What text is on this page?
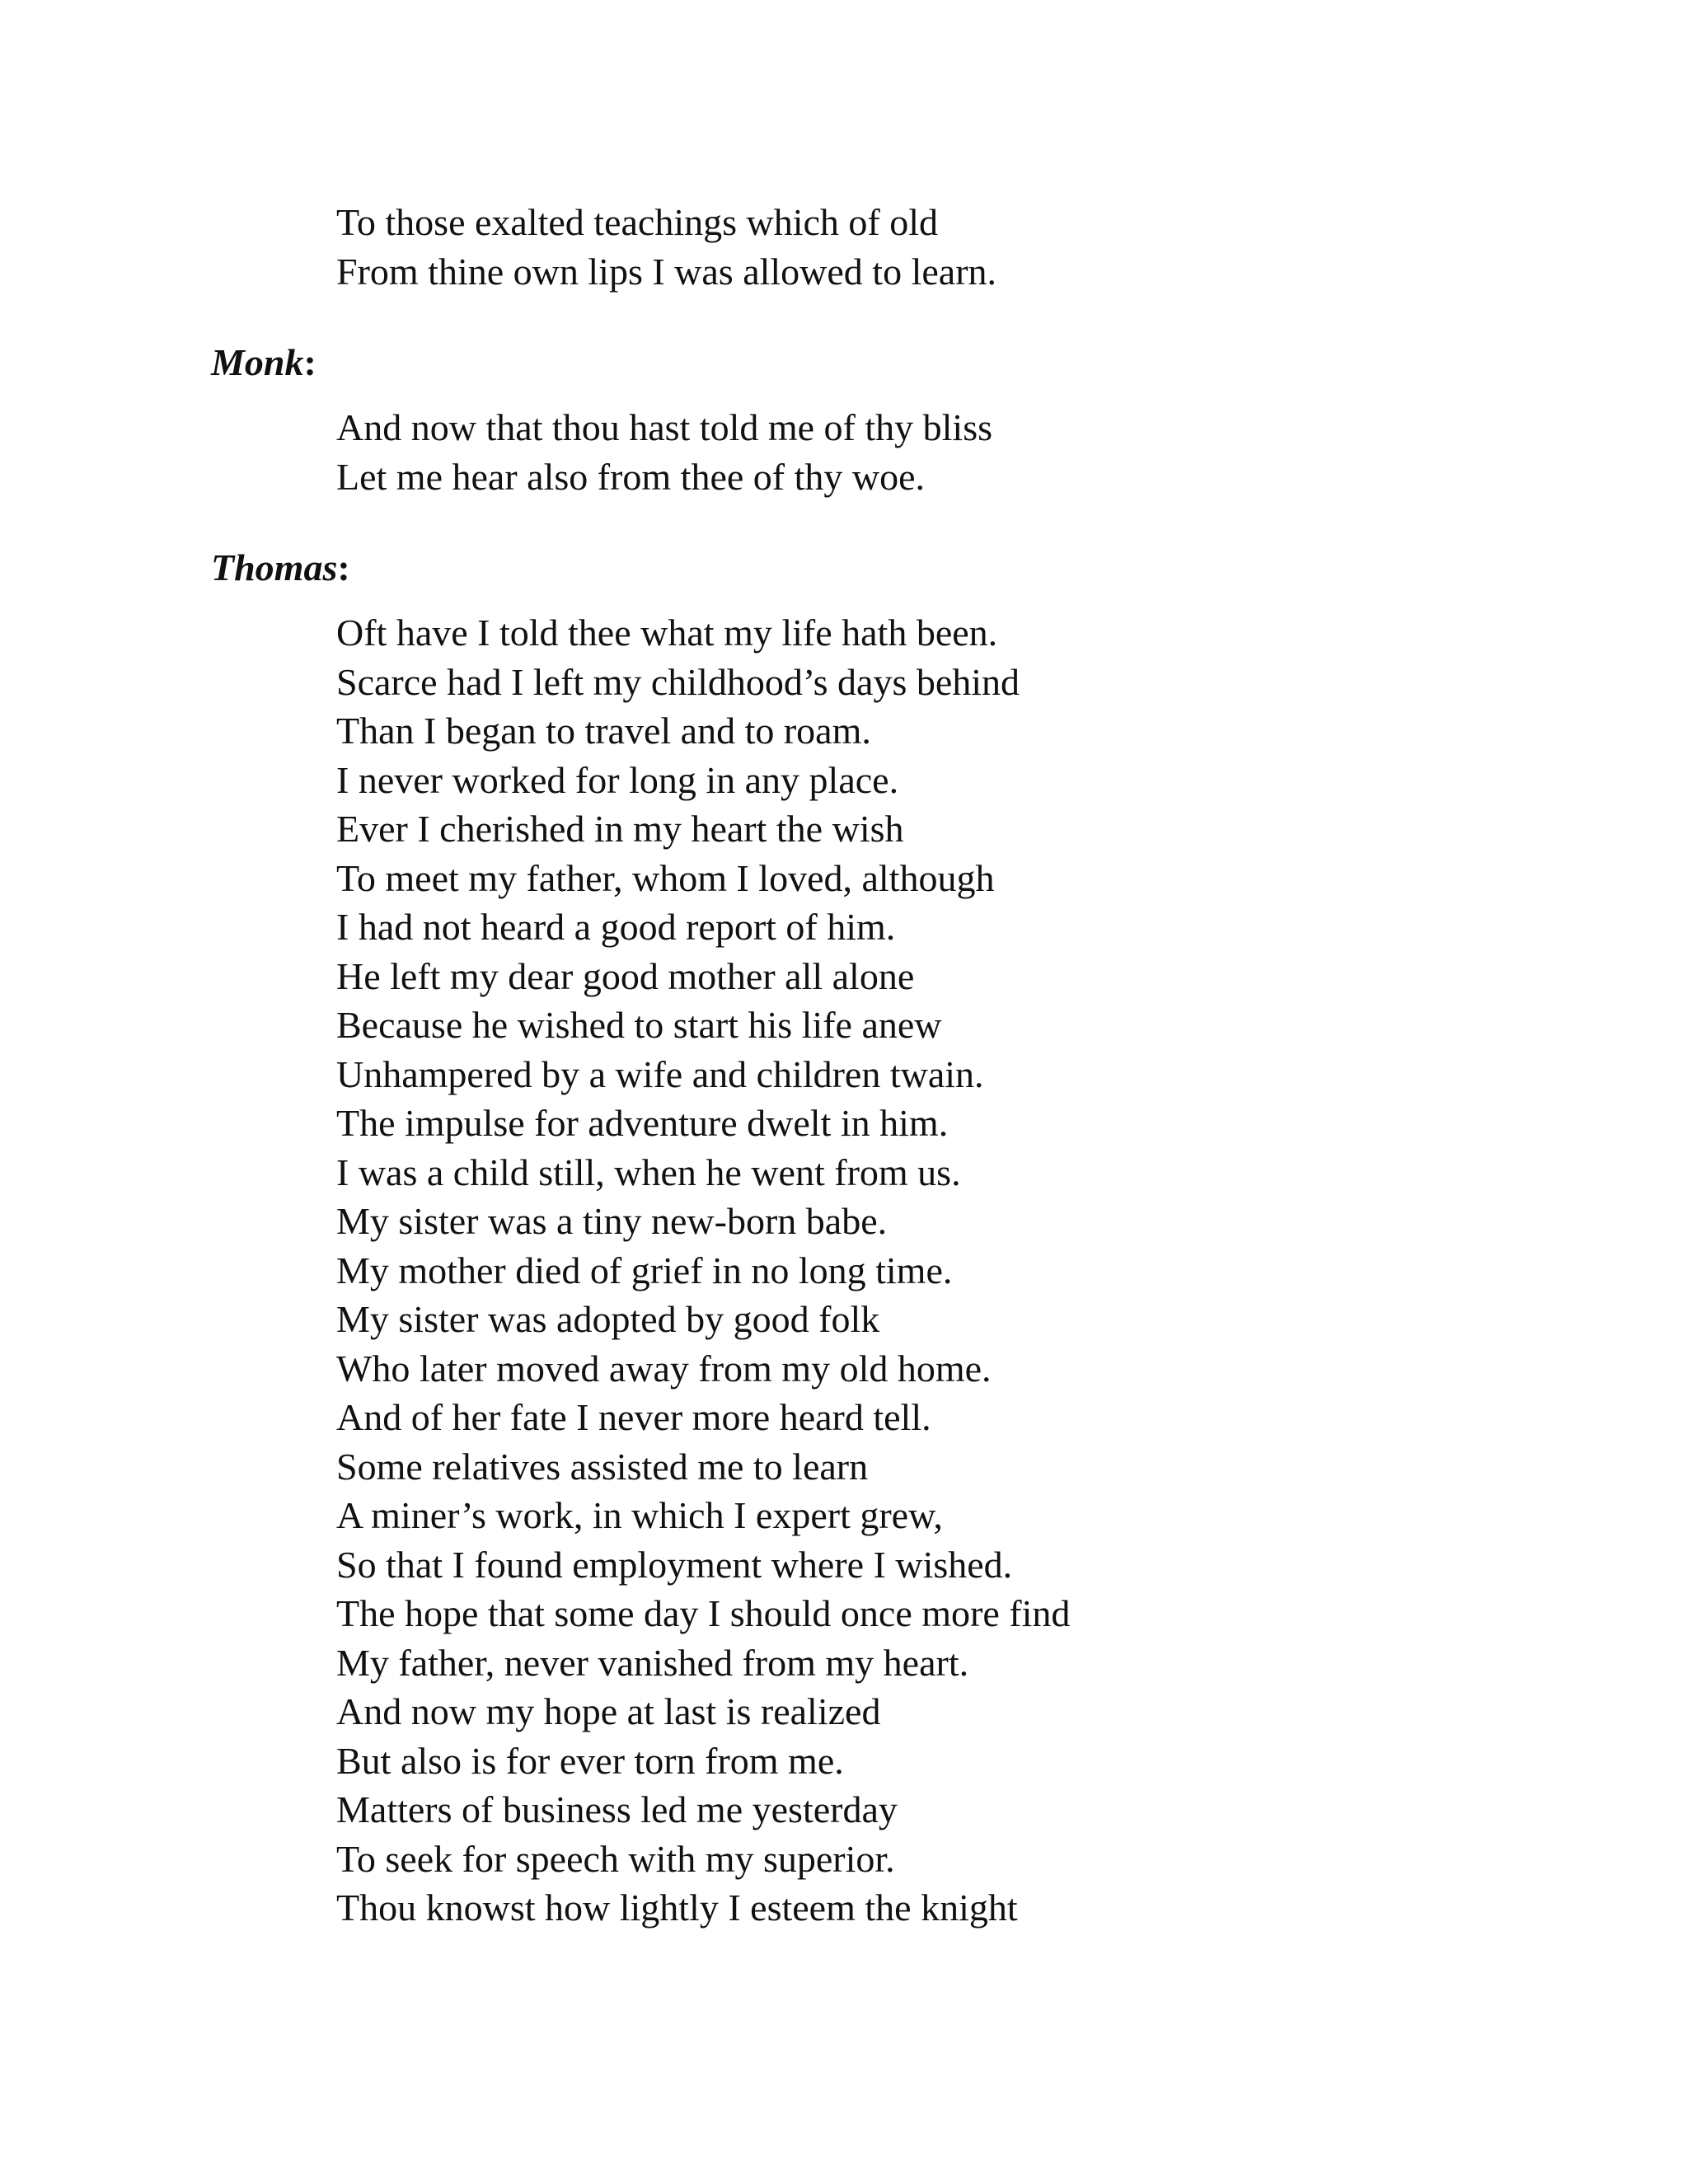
To those exalted teachings which of old
From thine own lips I was allowed to learn.
Monk:
And now that thou hast told me of thy bliss
Let me hear also from thee of thy woe.
Thomas:
Oft have I told thee what my life hath been.
Scarce had I left my childhood’s days behind
Than I began to travel and to roam.
I never worked for long in any place.
Ever I cherished in my heart the wish
To meet my father, whom I loved, although
I had not heard a good report of him.
He left my dear good mother all alone
Because he wished to start his life anew
Unhampered by a wife and children twain.
The impulse for adventure dwelt in him.
I was a child still, when he went from us.
My sister was a tiny new-born babe.
My mother died of grief in no long time.
My sister was adopted by good folk
Who later moved away from my old home.
And of her fate I never more heard tell.
Some relatives assisted me to learn
A miner’s work, in which I expert grew,
So that I found employment where I wished.
The hope that some day I should once more find
My father, never vanished from my heart.
And now my hope at last is realized
But also is for ever torn from me.
Matters of business led me yesterday
To seek for speech with my superior.
Thou knowst how lightly I esteem the knight
